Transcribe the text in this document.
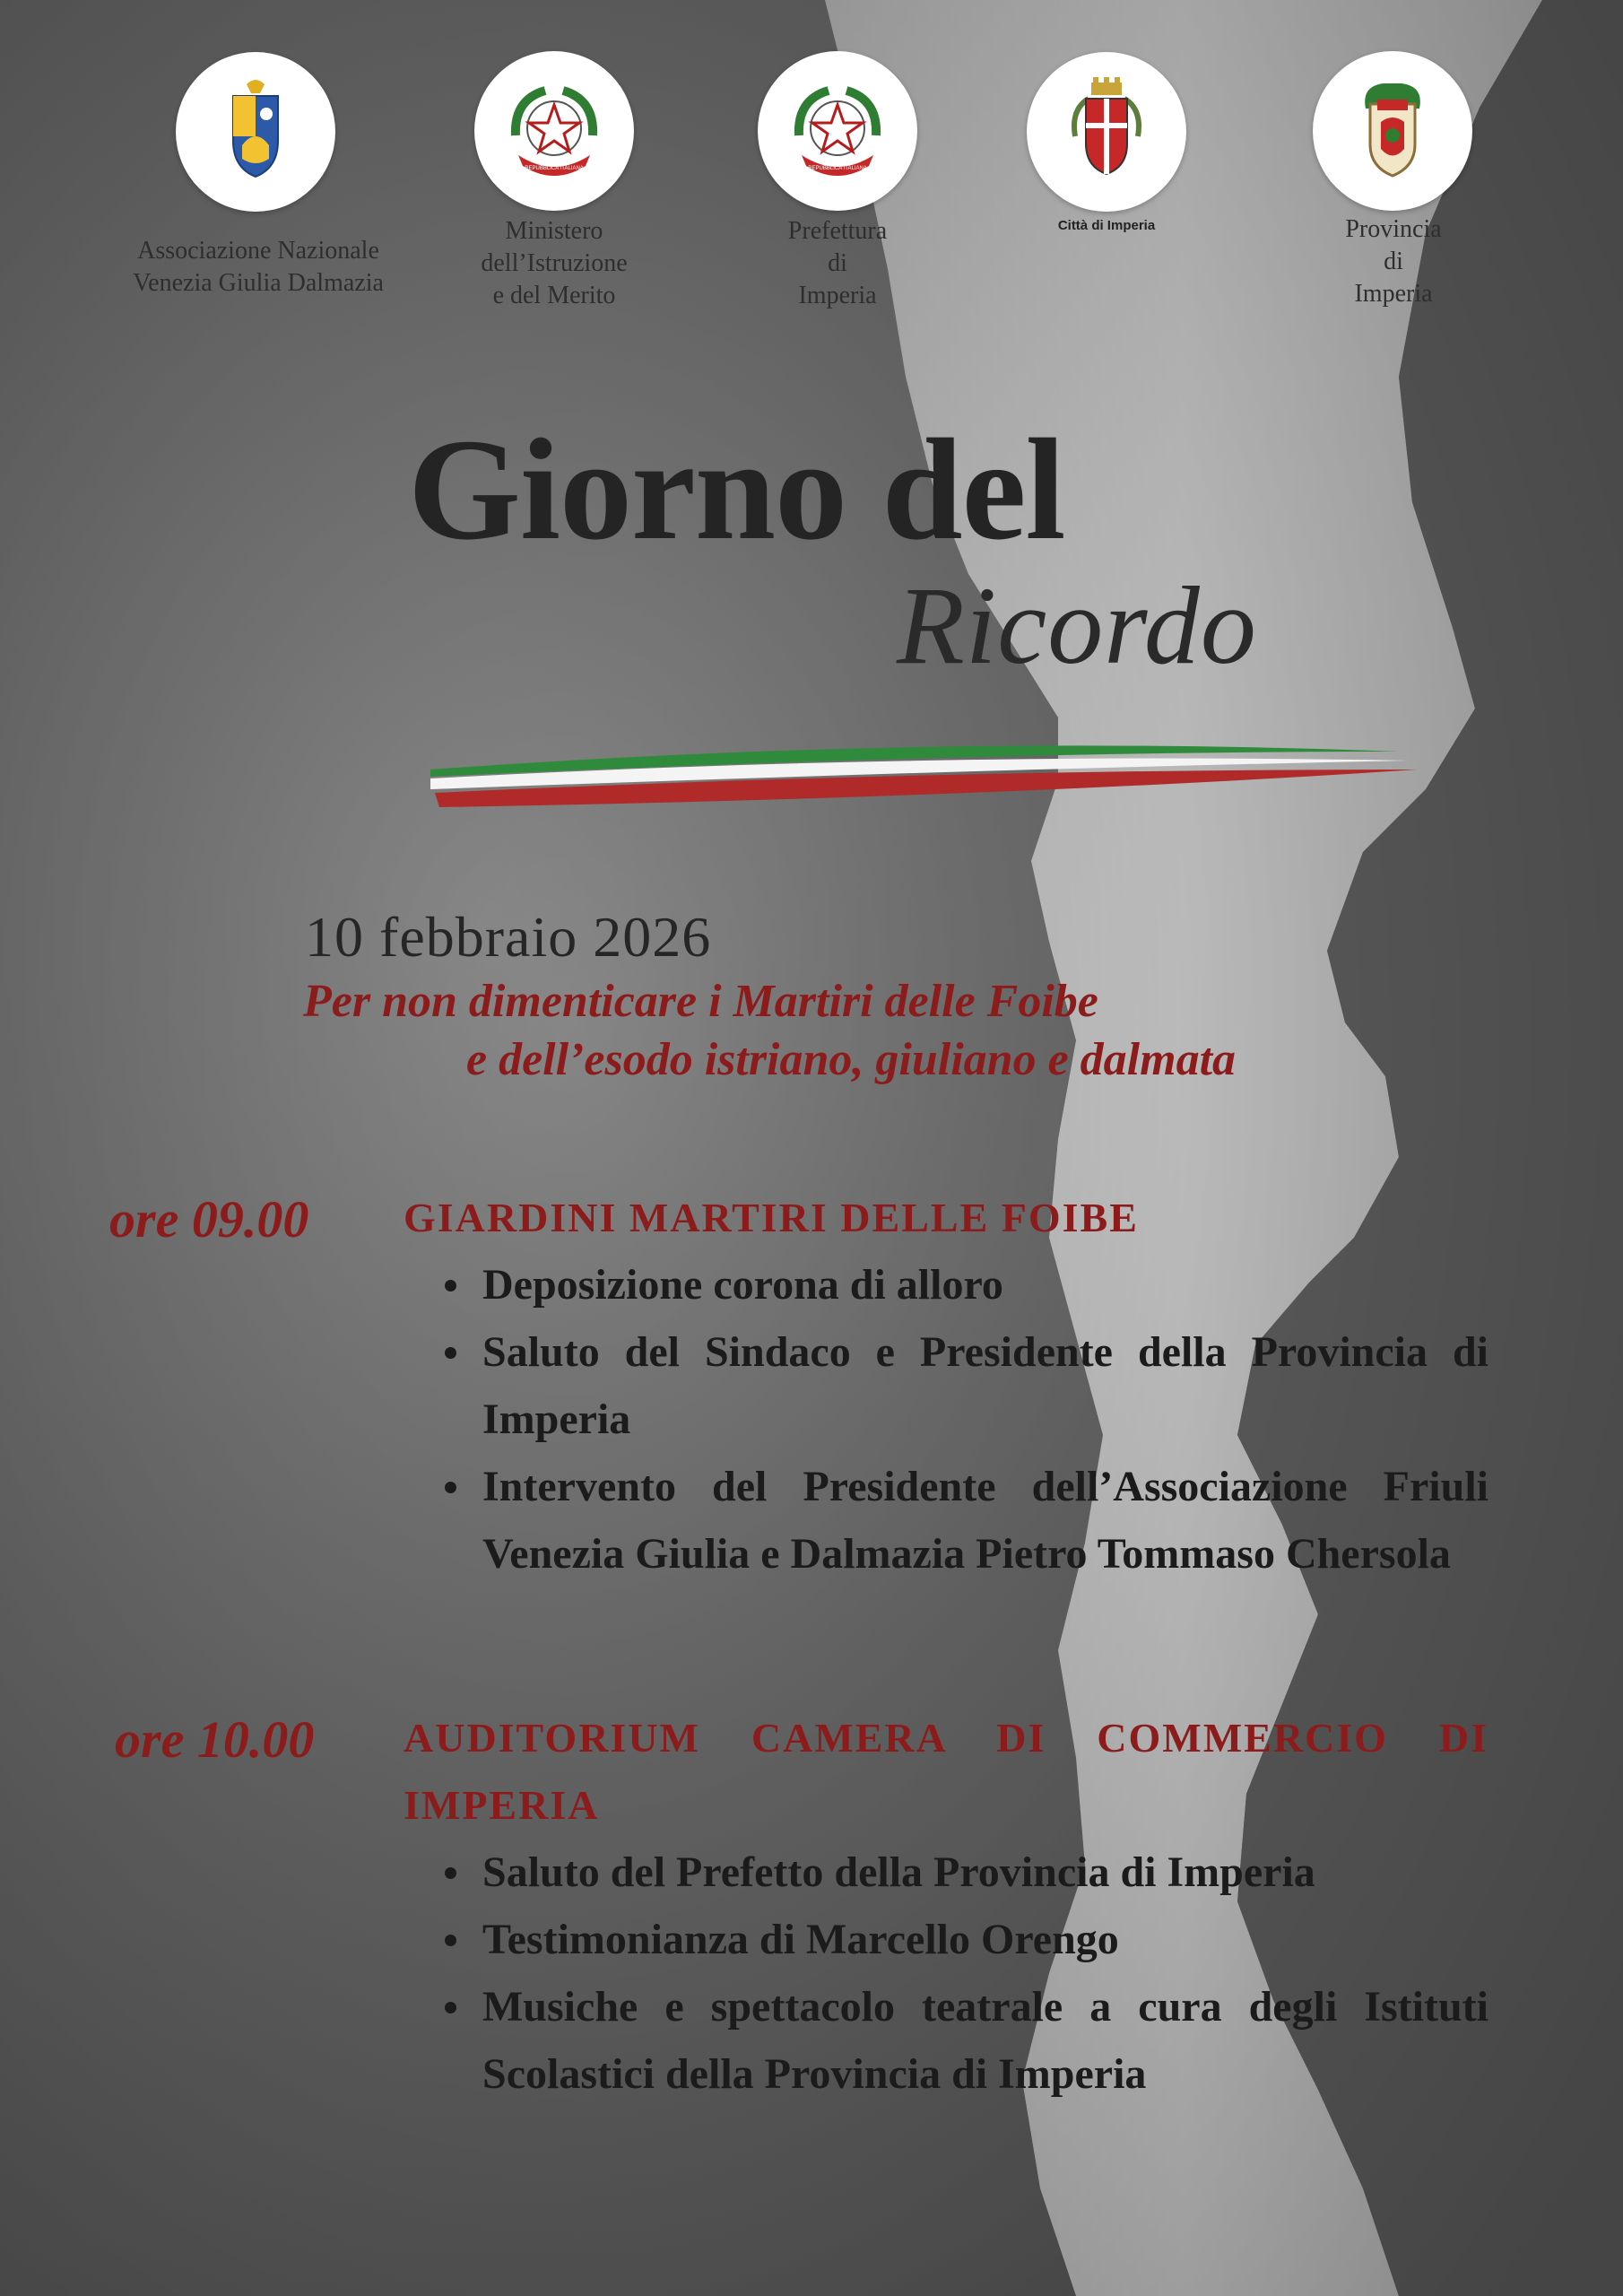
REPUBBLICA ITALIANA	REPUBBLICA ITALIANA
Associazione Nazionale
Venezia Giulia Dalmazia
Ministero
dell’Istruzione
e del Merito
Prefettura
di
Imperia
Città di Imperia	Provincia
di
Imperia
Giorno del
Ricordo
10 febbraio 2026
Per non dimenticare i Martiri delle Foibe
e dell’esodo istriano, giuliano e dalmata
ore 09.00 GIARDINI MARTIRI DELLE FOIBE
Deposizione corona di alloro
Saluto del Sindaco e Presidente della Provincia di Imperia
Intervento del Presidente dell’Associazione Friuli Venezia Giulia e Dalmazia Pietro Tommaso Chersola
ore 10.00 AUDITORIUM CAMERA DI COMMERCIO DI IMPERIA
Saluto del Prefetto della Provincia di Imperia
Testimonianza di Marcello Orengo
Musiche e spettacolo teatrale a cura degli Istituti Scolastici della Provincia di Imperia
